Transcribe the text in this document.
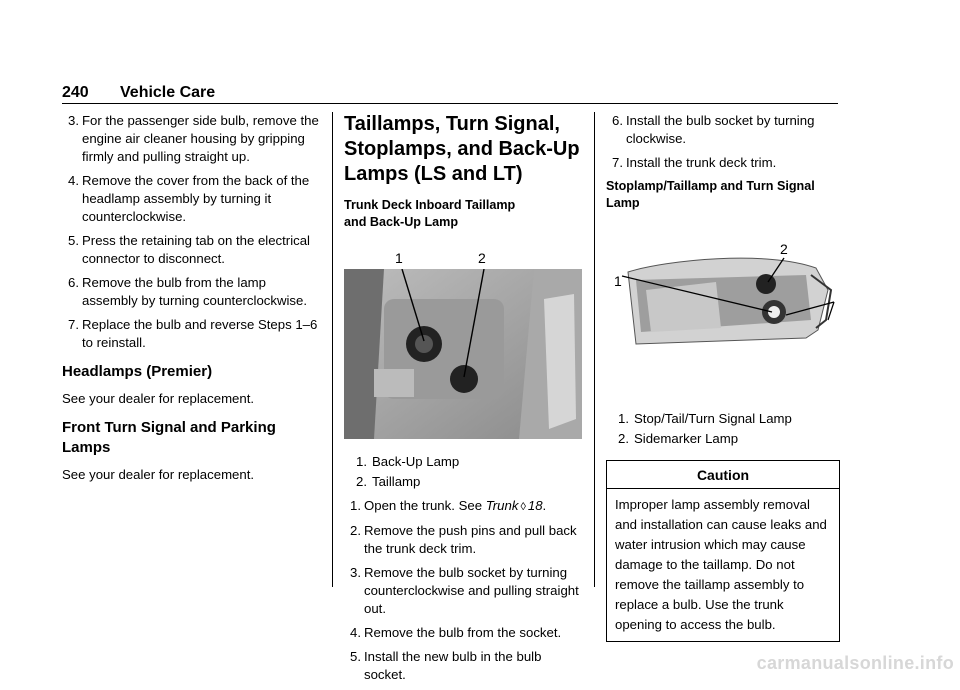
240 Vehicle Care
3. For the passenger side bulb, remove the engine air cleaner housing by gripping firmly and pulling straight up.
4. Remove the cover from the back of the headlamp assembly by turning it counterclockwise.
5. Press the retaining tab on the electrical connector to disconnect.
6. Remove the bulb from the lamp assembly by turning counterclockwise.
7. Replace the bulb and reverse Steps 1–6 to reinstall.
Headlamps (Premier)

See your dealer for replacement.

Front Turn Signal and Parking Lamps

See your dealer for replacement.

Taillamps, Turn Signal, Stoplamps, and Back-Up Lamps (LS and LT)
Trunk Deck Inboard Taillamp and Back-Up Lamp
1	2
1. Back-Up Lamp
2. Taillamp
1. Open the trunk. See Trunk ◊ 18.
2. Remove the push pins and pull back the trunk deck trim.
3. Remove the bulb socket by turning counterclockwise and pulling straight out.
4. Remove the bulb from the socket.
5. Install the new bulb in the bulb socket.
6. Install the bulb socket by turning clockwise.
7. Install the trunk deck trim.
Stoplamp/Taillamp and Turn Signal Lamp
2
1
1. Stop/Tail/Turn Signal Lamp
2. Sidemarker Lamp
Caution
Improper lamp assembly removal and installation can cause leaks and water intrusion which may cause damage to the taillamp. Do not remove the taillamp assembly to replace a bulb. Use the trunk opening to access the bulb.
carmanualsonline.info
